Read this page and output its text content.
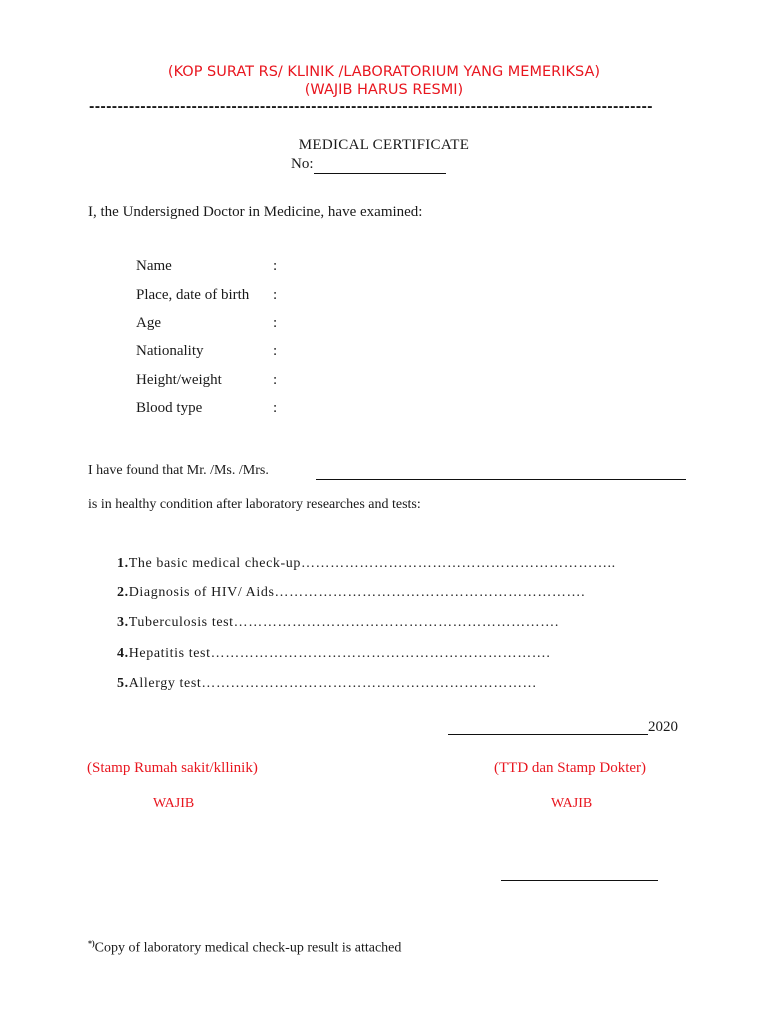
(KOP SURAT RS/ KLINIK /LABORATORIUM YANG MEMERIKSA)
(WAJIB HARUS RESMI)
---------------------------------------------------------------------------------------------------
MEDICAL CERTIFICATE
No:
I, the Undersigned Doctor in Medicine, have examined:
Name	:
Place, date of birth :
Age	:
Nationality	:
Height/weight	:
Blood type	:
I have found that Mr. /Ms. /Mrs.
is in healthy condition after laboratory researches and tests:
1.The basic medical check-up………………………………………………………..
2.Diagnosis of HIV/ Aids……………………………………………………….
3.Tuberculosis test………………………………………………………….
4.Hepatitis test…………………………………………………………….
5.Allergy test……………………………………………………………
2020
(Stamp Rumah sakit/kllinik)
WAJIB
(TTD dan Stamp Dokter)
WAJIB
*)Copy of laboratory medical check-up result is attached
